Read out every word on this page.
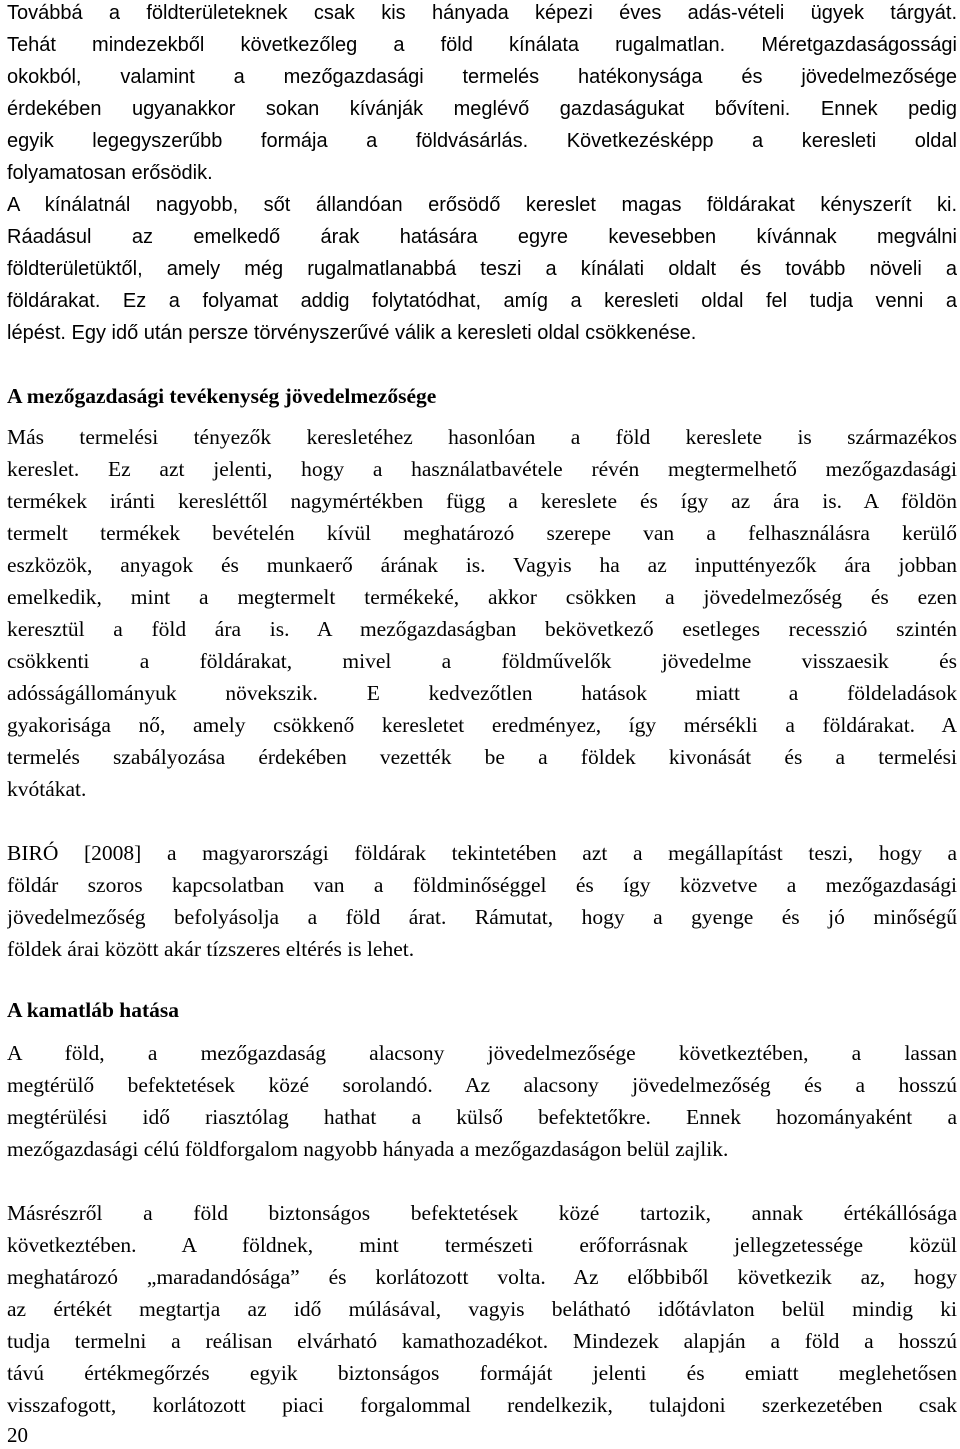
Továbbá a földterületeknek csak kis hányada képezi éves adás-vételi ügyek tárgyát.
Tehát mindezekből következőleg a föld kínálata rugalmatlan. Méretgazdaságossági
okokból, valamint a mezőgazdasági termelés hatékonysága és jövedelmezősége
érdekében ugyanakkor sokan kívánják meglévő gazdaságukat bővíteni. Ennek pedig
egyik legegyszerűbb formája a földvásárlás. Következésképp a keresleti oldal
folyamatosan erősödik.
A kínálatnál nagyobb, sőt állandóan erősödő kereslet magas földárakat kényszerít ki.
Ráadásul az emelkedő árak hatására egyre kevesebben kívánnak megválni
földterületüktől, amely még rugalmatlanabbá teszi a kínálati oldalt és tovább növeli a
földárakat. Ez a folyamat addig folytatódhat, amíg a keresleti oldal fel tudja venni a
lépést. Egy idő után persze törvényszerűvé válik a keresleti oldal csökkenése.
A mezőgazdasági tevékenység jövedelmezősége
Más termelési tényezők keresletéhez hasonlóan a föld kereslete is származékos
kereslet. Ez azt jelenti, hogy a használatbavétele révén megtermelhető mezőgazdasági
termékek iránti keresléttől nagymértékben függ a kereslete és így az ára is. A földön
termelt termékek bevételén kívül meghatározó szerepe van a felhasználásra kerülő
eszközök, anyagok és munkaerő árának is. Vagyis ha az inputtényezők ára jobban
emelkedik, mint a megtermelt termékeké, akkor csökken a jövedelmezőség és ezen
keresztül a föld ára is. A mezőgazdaságban bekövetkező esetleges recesszió szintén
csökkenti a földárakat, mivel a földművelők jövedelme visszaesik és
adósságállományuk növekszik. E kedvezőtlen hatások miatt a földeladások
gyakorisága nő, amely csökkenő keresletet eredményez, így mérsékli a földárakat. A
termelés szabályozása érdekében vezették be a földek kivonását és a termelési
kvótákat.
BIRÓ [2008] a magyarországi földárak tekintetében azt a megállapítást teszi, hogy a
földár szoros kapcsolatban van a földminőséggel és így közvetve a mezőgazdasági
jövedelmezőség befolyásolja a föld árat. Rámutat, hogy a gyenge és jó minőségű
földek árai között akár tízszeres eltérés is lehet.
A kamatláb hatása
A föld, a mezőgazdaság alacsony jövedelmezősége következtében, a lassan
megtérülő befektetések közé sorolandó. Az alacsony jövedelmezőség és a hosszú
megtérülési idő riasztólag hathat a külső befektetőkre. Ennek hozományaként a
mezőgazdasági célú földforgalom nagyobb hányada a mezőgazdaságon belül zajlik.
Másrészről a föld biztonságos befektetések közé tartozik, annak értékállósága
következtében. A földnek, mint természeti erőforrásnak jellegzetessége közül
meghatározó „maradandósága” és korlátozott volta. Az előbbiből következik az, hogy
az értékét megtartja az idő múlásával, vagyis belátható időtávlaton belül mindig ki
tudja termelni a reálisan elvárható kamathozadékot. Mindezek alapján a föld a hosszú
távú értékmegőrzés egyik biztonságos formáját jelenti és emiatt meglehetősen
visszafogott, korlátozott piaci forgalommal rendelkezik, tulajdoni szerkezetében csak
20
